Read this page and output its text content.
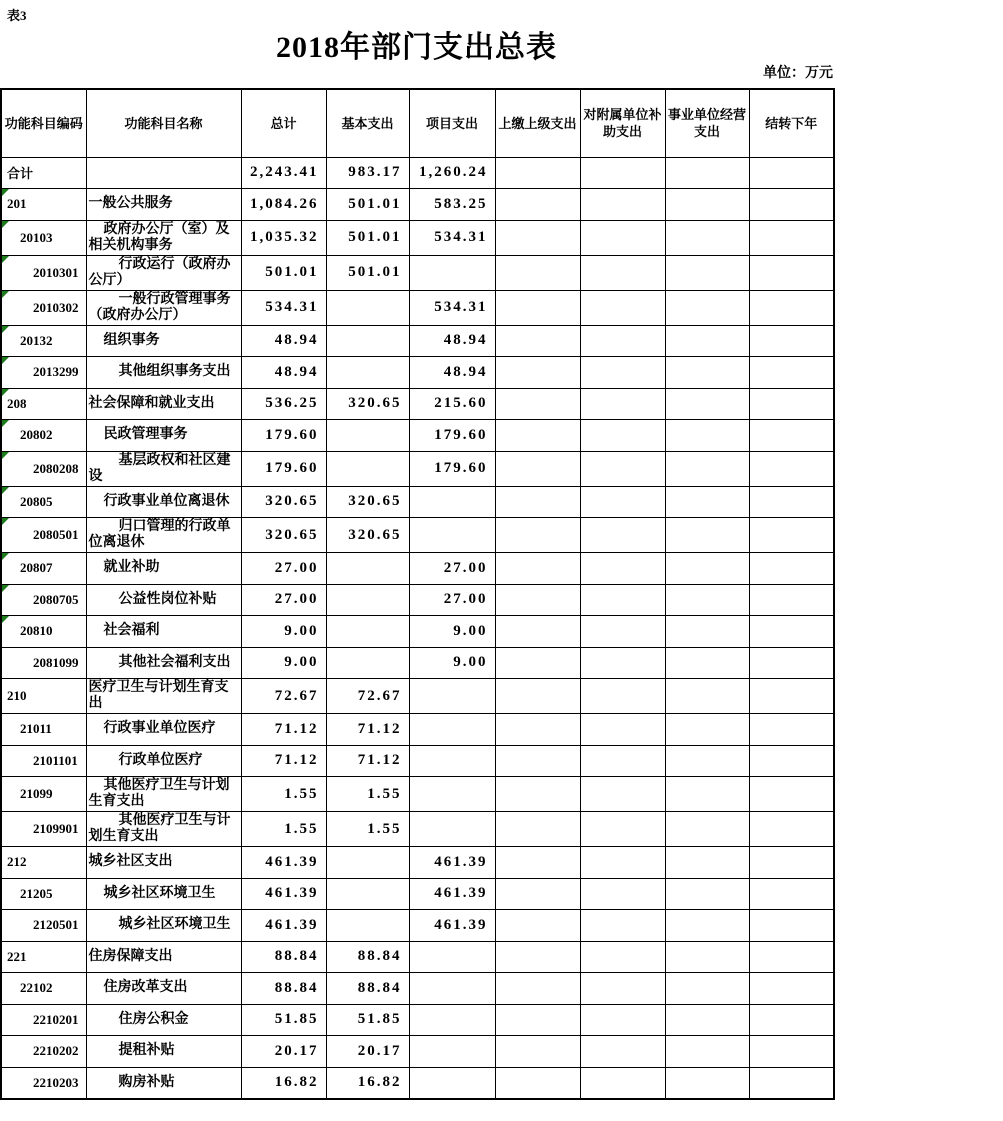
表3
2018年部门支出总表
单位：万元
功能科目编码	功能科目名称	总计	基本支出	项目支出	上缴上级支出	对附属单位补助支出	事业单位经营支出	结转下年
合计		2,243.41	983.17	1,260.24				

201	一般公共服务	1,084.26	501.01	583.25				

20103	政府办公厅（室）及相关机构事务	1,035.32	501.01	534.31				

2010301	行政运行（政府办公厅）	501.01	501.01					

2010302	一般行政管理事务（政府办公厅）	534.31		534.31				

20132	组织事务	48.94		48.94				

2013299	其他组织事务支出	48.94		48.94				

208	社会保障和就业支出	536.25	320.65	215.60				

20802	民政管理事务	179.60		179.60				

2080208	基层政权和社区建设	179.60		179.60				

20805	行政事业单位离退休	320.65	320.65					

2080501	归口管理的行政单位离退休	320.65	320.65					

20807	就业补助	27.00		27.00				

2080705	公益性岗位补贴	27.00		27.00				

20810	社会福利	9.00		9.00				
2081099	其他社会福利支出	9.00		9.00				
210	医疗卫生与计划生育支出	72.67	72.67					
21011	行政事业单位医疗	71.12	71.12					
2101101	行政单位医疗	71.12	71.12					
21099	其他医疗卫生与计划生育支出	1.55	1.55					
2109901	其他医疗卫生与计划生育支出	1.55	1.55					
212	城乡社区支出	461.39		461.39				
21205	城乡社区环境卫生	461.39		461.39				
2120501	城乡社区环境卫生	461.39		461.39				
221	住房保障支出	88.84	88.84					
22102	住房改革支出	88.84	88.84					
2210201	住房公积金	51.85	51.85					
2210202	提租补贴	20.17	20.17					
2210203	购房补贴	16.82	16.82					
